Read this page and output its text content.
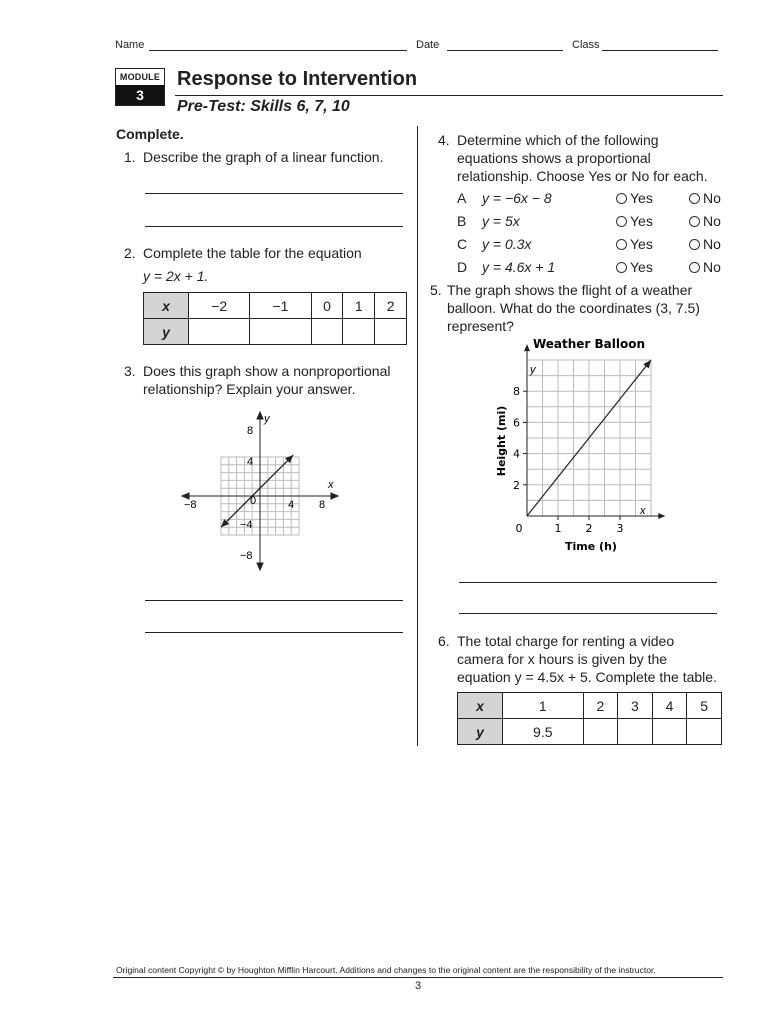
Name	Date	Class
MODULE
3
Response to Intervention
Pre-Test: Skills 6, 7, 10
Complete.
1. Describe the graph of a linear function.
2. Complete the table for the equation
y = 2x + 1.
x	−2	−1	0	1	2
y					
3. Does this graph show a nonproportional
relationship? Explain your answer.
y
x
−8	0	4 8
8
4
−4
−8
4. Determine which of the following
equations shows a proportional
relationship. Choose Yes or No for each.
A y = −6x − 8	Yes	No
B y = 5x	Yes	No
C y = 0.3x	Yes	No
D y = 4.6x + 1	Yes	No
5. The graph shows the flight of a weather
balloon. What do the coordinates (3, 7.5)
represent?
Weather Balloon
0	1 2 3
2
4
6
8
y
x
Time (h)
Height (mi)
6. The total charge for renting a video
camera for x hours is given by the
equation y = 4.5x + 5. Complete the table.
x	1	2	3	4	5
y	9.5				
Original content Copyright © by Houghton Mifflin Harcourt. Additions and changes to the original content are the responsibility of the instructor.
3
